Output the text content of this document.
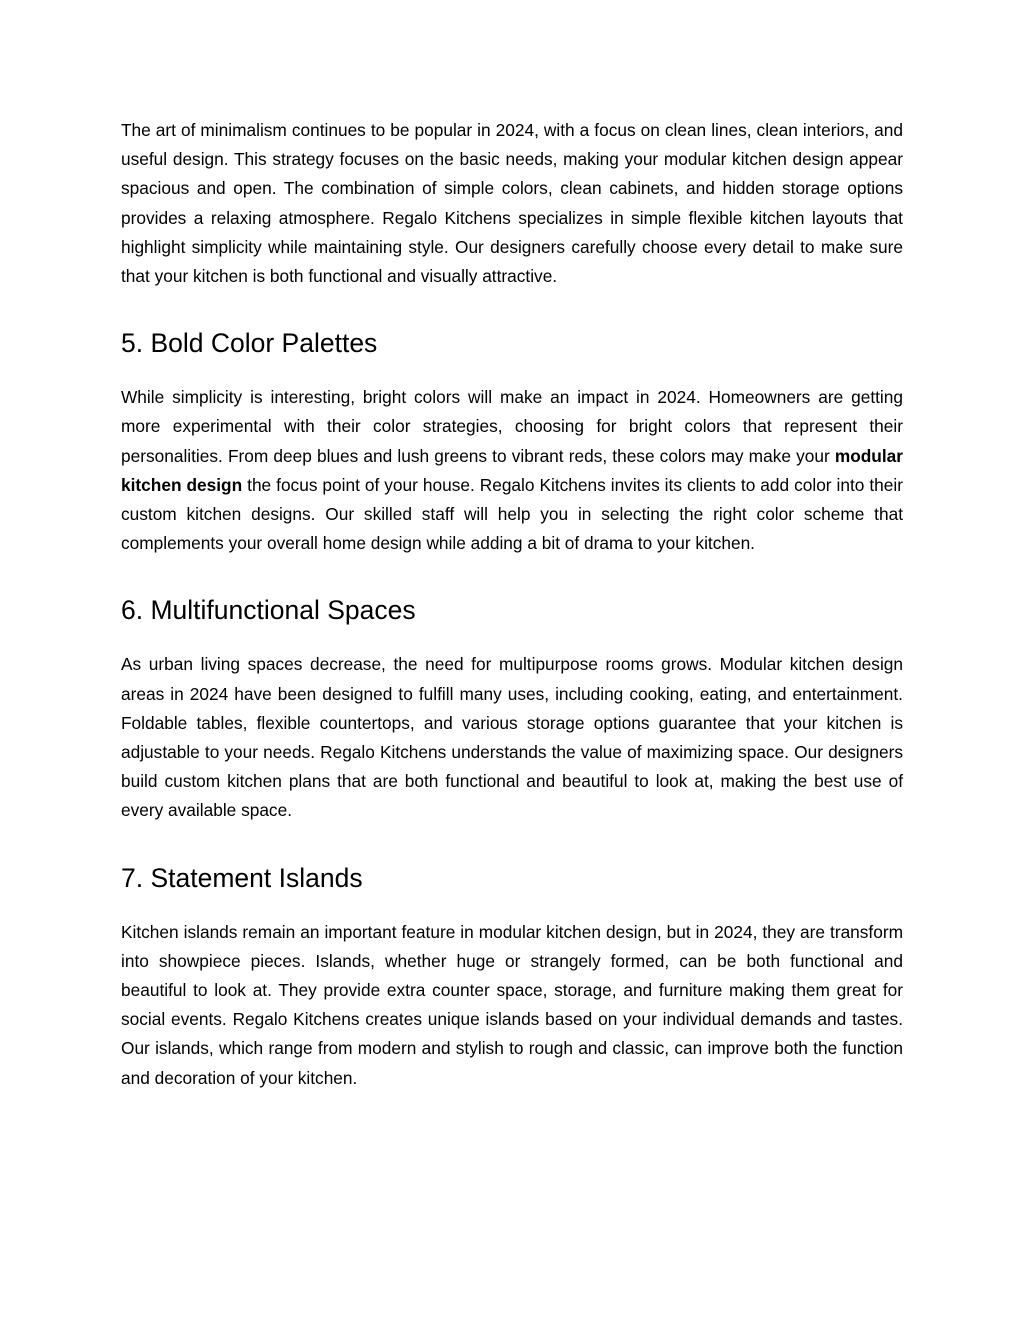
The art of minimalism continues to be popular in 2024, with a focus on clean lines, clean interiors, and useful design. This strategy focuses on the basic needs, making your modular kitchen design appear spacious and open. The combination of simple colors, clean cabinets, and hidden storage options provides a relaxing atmosphere. Regalo Kitchens specializes in simple flexible kitchen layouts that highlight simplicity while maintaining style. Our designers carefully choose every detail to make sure that your kitchen is both functional and visually attractive.

5. Bold Color Palettes

While simplicity is interesting, bright colors will make an impact in 2024. Homeowners are getting more experimental with their color strategies, choosing for bright colors that represent their personalities. From deep blues and lush greens to vibrant reds, these colors may make your modular kitchen design the focus point of your house. Regalo Kitchens invites its clients to add color into their custom kitchen designs. Our skilled staff will help you in selecting the right color scheme that complements your overall home design while adding a bit of drama to your kitchen.

6. Multifunctional Spaces

As urban living spaces decrease, the need for multipurpose rooms grows. Modular kitchen design areas in 2024 have been designed to fulfill many uses, including cooking, eating, and entertainment. Foldable tables, flexible countertops, and various storage options guarantee that your kitchen is adjustable to your needs. Regalo Kitchens understands the value of maximizing space. Our designers build custom kitchen plans that are both functional and beautiful to look at, making the best use of every available space.

7. Statement Islands

Kitchen islands remain an important feature in modular kitchen design, but in 2024, they are transform into showpiece pieces. Islands, whether huge or strangely formed, can be both functional and beautiful to look at. They provide extra counter space, storage, and furniture making them great for social events. Regalo Kitchens creates unique islands based on your individual demands and tastes. Our islands, which range from modern and stylish to rough and classic, can improve both the function and decoration of your kitchen.
